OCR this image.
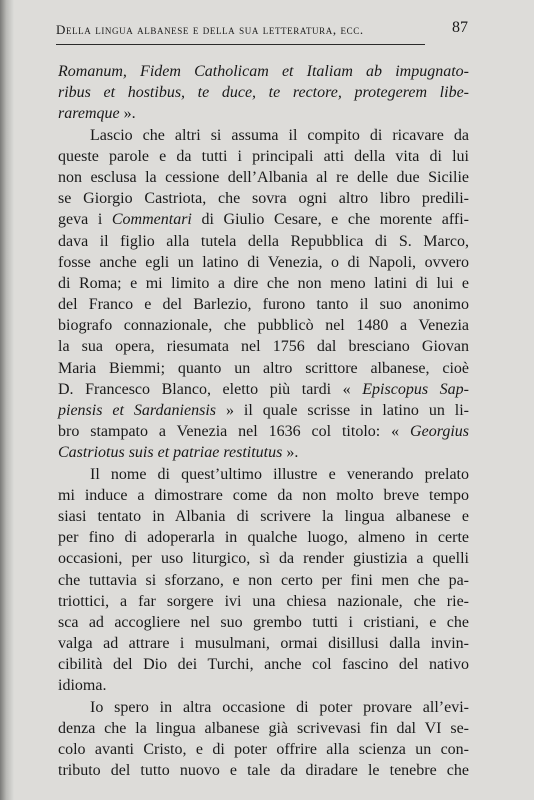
Della lingua albanese e della sua letteratura, ecc.	87
Romanum, Fidem Catholicam et Italiam ab impugnato-
ribus et hostibus, te duce, te rectore, protegerem libe-
raremque ».
Lascio che altri si assuma il compito di ricavare da
queste parole e da tutti i principali atti della vita di lui
non esclusa la cessione dell’Albania al re delle due Sicilie
se Giorgio Castriota, che sovra ogni altro libro predili-
geva i Commentari di Giulio Cesare, e che morente affi-
dava il figlio alla tutela della Repubblica di S. Marco,
fosse anche egli un latino di Venezia, o di Napoli, ovvero
di Roma; e mi limito a dire che non meno latini di lui e
del Franco e del Barlezio, furono tanto il suo anonimo
biografo connazionale, che pubblicò nel 1480 a Venezia
la sua opera, riesumata nel 1756 dal bresciano Giovan
Maria Biemmi; quanto un altro scrittore albanese, cioè
D. Francesco Blanco, eletto più tardi « Episcopus Sap-
piensis et Sardaniensis » il quale scrisse in latino un li-
bro stampato a Venezia nel 1636 col titolo: « Georgius
Castriotus suis et patriae restitutus ».
Il nome di quest’ultimo illustre e venerando prelato
mi induce a dimostrare come da non molto breve tempo
siasi tentato in Albania di scrivere la lingua albanese e
per fino di adoperarla in qualche luogo, almeno in certe
occasioni, per uso liturgico, sì da render giustizia a quelli
che tuttavia si sforzano, e non certo per fini men che pa-
triottici, a far sorgere ivi una chiesa nazionale, che rie-
sca ad accogliere nel suo grembo tutti i cristiani, e che
valga ad attrare i musulmani, ormai disillusi dalla invin-
cibilità del Dio dei Turchi, anche col fascino del nativo
idioma.
Io spero in altra occasione di poter provare all’evi-
denza che la lingua albanese già scrivevasi fin dal VI se-
colo avanti Cristo, e di poter offrire alla scienza un con-
tributo del tutto nuovo e tale da diradare le tenebre che
